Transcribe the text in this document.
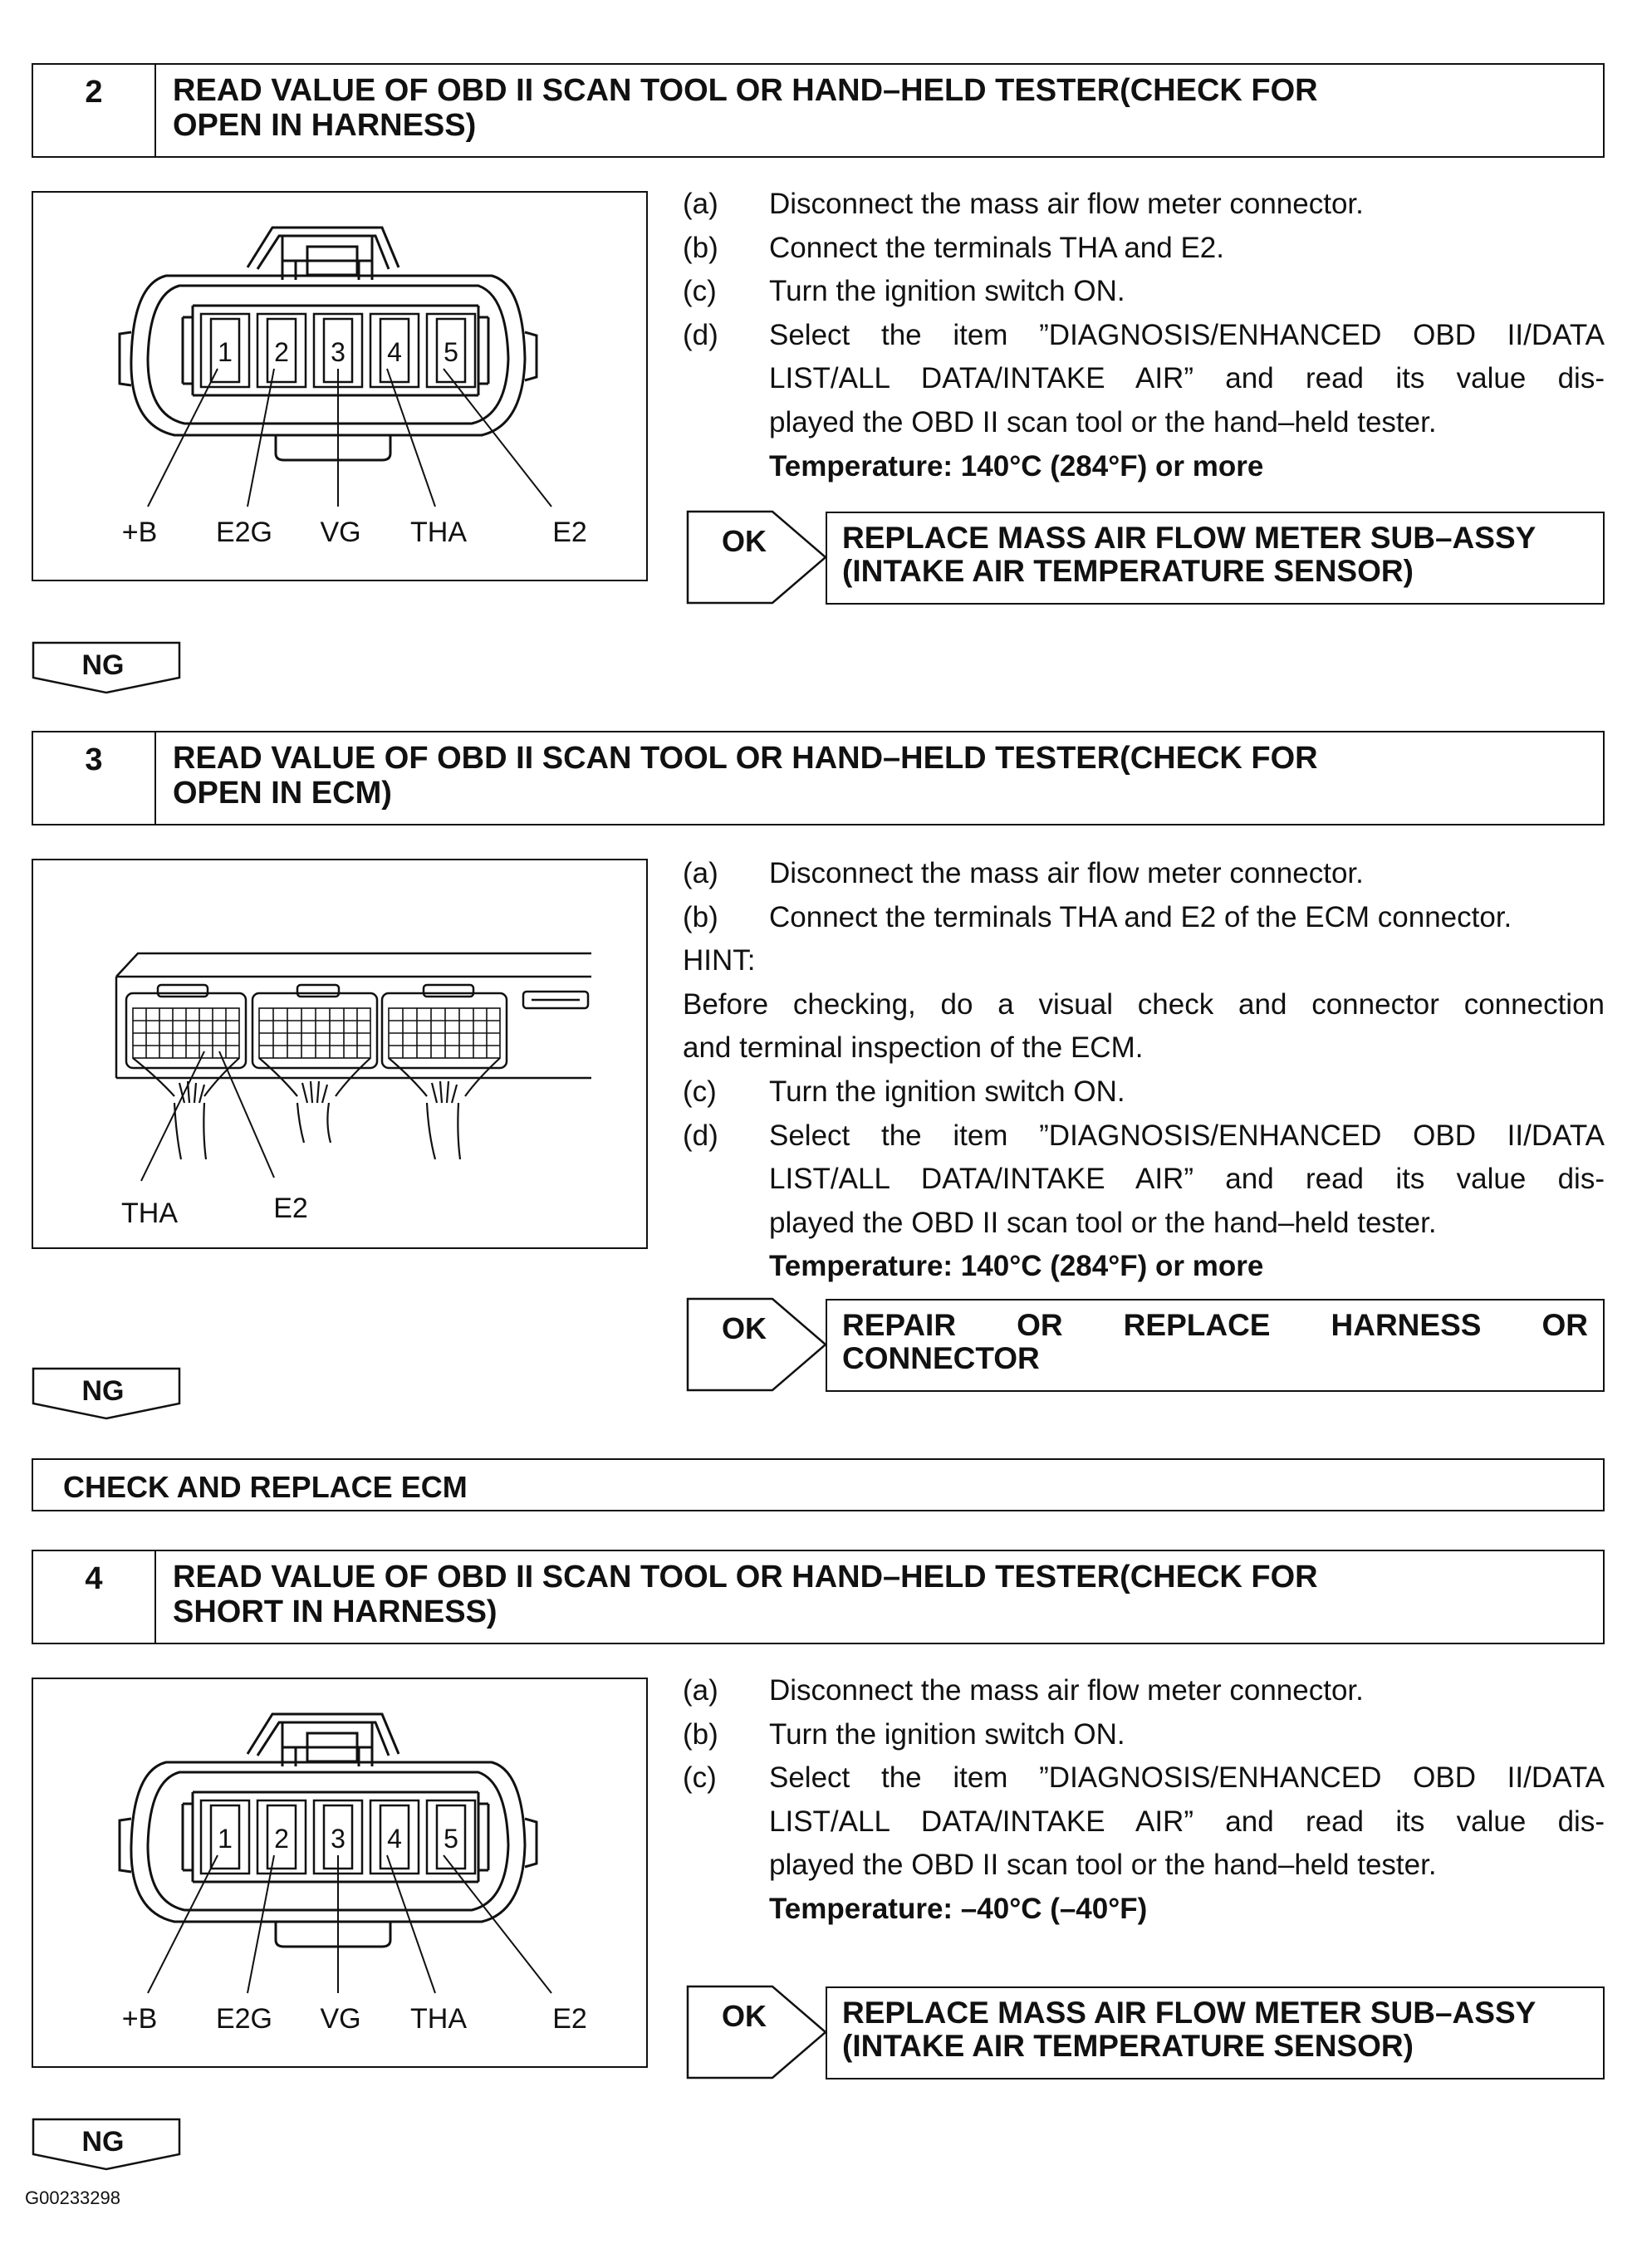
2	READ VALUE OF OBD II SCAN TOOL OR HAND–HELD TESTER(CHECK FOR
OPEN IN HARNESS)
1 2 3 4 5
+B E2G VG THA	E2
(a)	Disconnect the mass air flow meter connector.
(b)	Connect the terminals THA and E2.
(c)	Turn the ignition switch ON.
(d)	Select the item ”DIAGNOSIS/ENHANCED OBD II/DATA
LIST/ALL DATA/INTAKE AIR” and read its value dis-
played the OBD II scan tool or the hand–held tester.
Temperature: 140°C (284°F) or more
OK REPLACE MASS AIR FLOW METER SUB–ASSY
(INTAKE AIR TEMPERATURE SENSOR)
NG
3	READ VALUE OF OBD II SCAN TOOL OR HAND–HELD TESTER(CHECK FOR
OPEN IN ECM)
THA	E2
(a)	Disconnect the mass air flow meter connector.
(b)	Connect the terminals THA and E2 of the ECM connector.
HINT:
Before checking, do a visual check and connector connection
and terminal inspection of the ECM.
(c)	Turn the ignition switch ON.
(d)	Select the item ”DIAGNOSIS/ENHANCED OBD II/DATA
LIST/ALL DATA/INTAKE AIR” and read its value dis-
played the OBD II scan tool or the hand–held tester.
Temperature: 140°C (284°F) or more
OK REPAIR OR REPLACE HARNESS OR
CONNECTOR
NG
CHECK AND REPLACE ECM
4	READ VALUE OF OBD II SCAN TOOL OR HAND–HELD TESTER(CHECK FOR
SHORT IN HARNESS)
1 2 3 4 5
+B E2G VG THA	E2
(a)	Disconnect the mass air flow meter connector.
(b)	Turn the ignition switch ON.
(c)	Select the item ”DIAGNOSIS/ENHANCED OBD II/DATA
LIST/ALL DATA/INTAKE AIR” and read its value dis-
played the OBD II scan tool or the hand–held tester.
Temperature: –40°C (–40°F)
OK REPLACE MASS AIR FLOW METER SUB–ASSY
(INTAKE AIR TEMPERATURE SENSOR)
NG
G00233298
